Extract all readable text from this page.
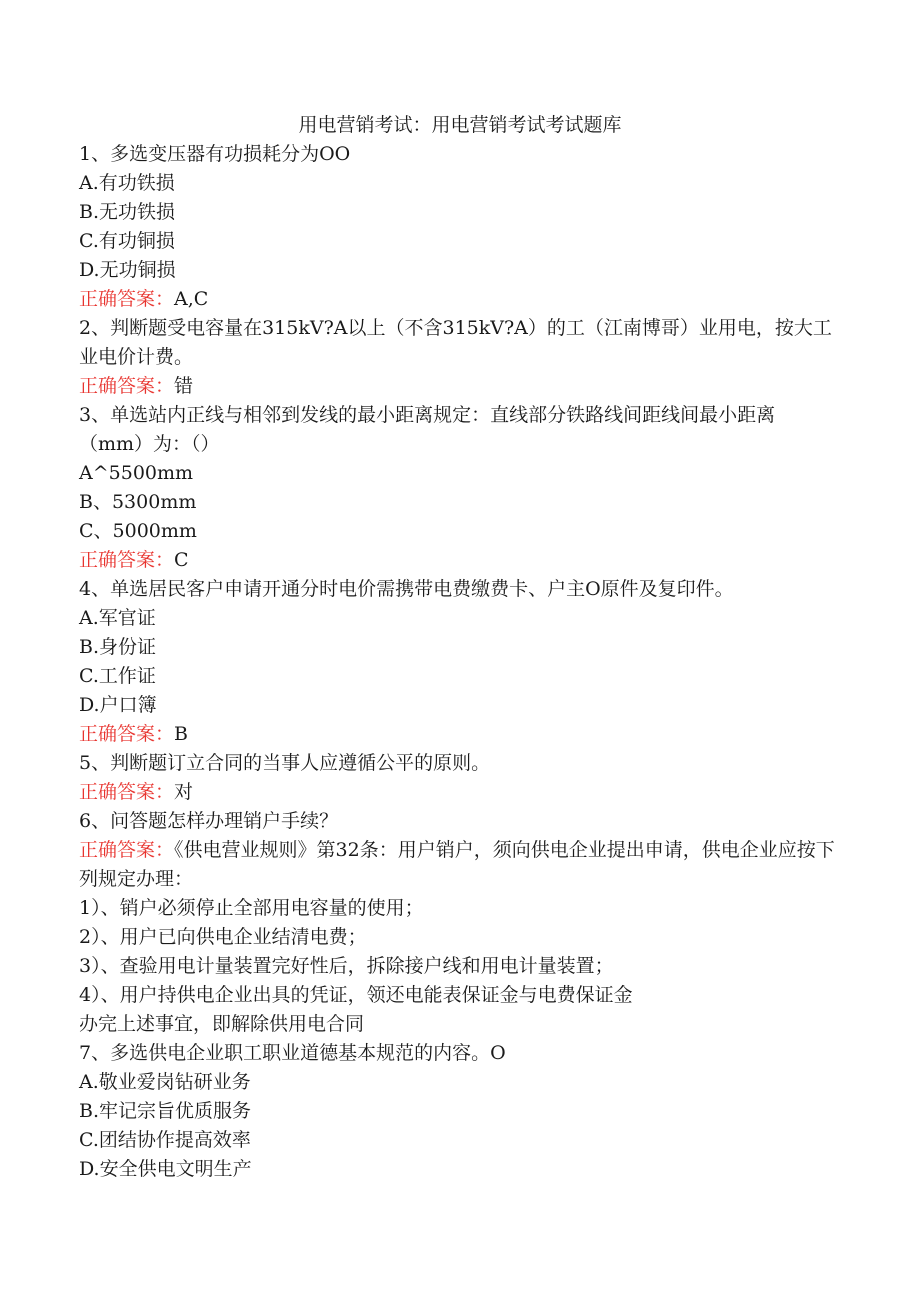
用电营销考试：用电营销考试考试题库
1、多选变压器有功损耗分为OO
A.有功铁损
B.无功铁损
C.有功铜损
D.无功铜损
正确答案：A,C
2、判断题受电容量在315kV?A以上（不含315kV?A）的工（江南博哥）业用电，按大工业电价计费。
正确答案：错
3、单选站内正线与相邻到发线的最小距离规定：直线部分铁路线间距线间最小距离（mm）为：（）
A^5500mm
B、5300mm
C、5000mm
正确答案：C
4、单选居民客户申请开通分时电价需携带电费缴费卡、户主O原件及复印件。
A.军官证
B.身份证
C.工作证
D.户口簿
正确答案：B
5、判断题订立合同的当事人应遵循公平的原则。
正确答案：对
6、问答题怎样办理销户手续？
正确答案：《供电营业规则》第32条：用户销户，须向供电企业提出申请，供电企业应按下列规定办理：
1）、销户必须停止全部用电容量的使用；
2）、用户已向供电企业结清电费；
3）、查验用电计量装置完好性后，拆除接户线和用电计量装置；
4）、用户持供电企业出具的凭证，领还电能表保证金与电费保证金
办完上述事宜，即解除供用电合同
7、多选供电企业职工职业道德基本规范的内容。O
A.敬业爱岗钻研业务
B.牢记宗旨优质服务
C.团结协作提高效率
D.安全供电文明生产
